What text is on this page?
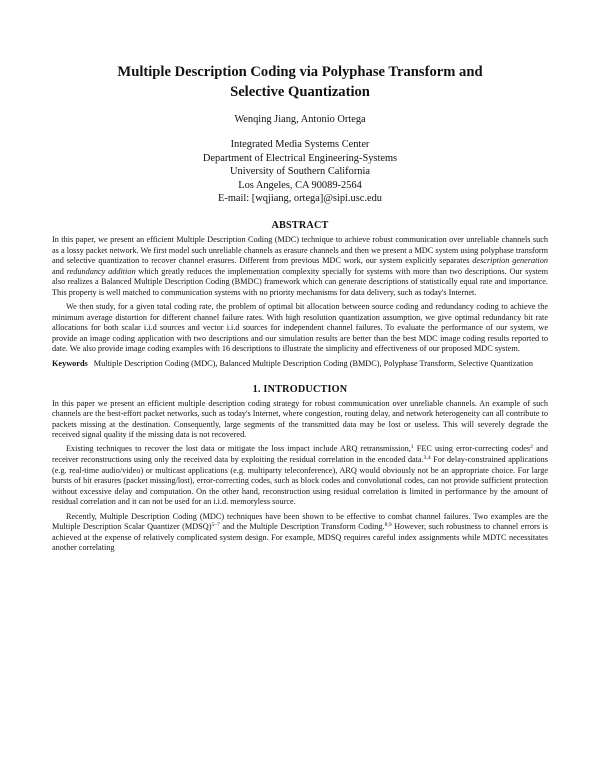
Multiple Description Coding via Polyphase Transform and
Selective Quantization
Wenqing Jiang, Antonio Ortega
Integrated Media Systems Center
Department of Electrical Engineering-Systems
University of Southern California
Los Angeles, CA 90089-2564
E-mail: [wqjiang, ortega]@sipi.usc.edu
ABSTRACT

In this paper, we present an efficient Multiple Description Coding (MDC) technique to achieve robust communication over unreliable channels such as a lossy packet network. We first model such unreliable channels as erasure channels and then we present a MDC system using polyphase transform and selective quantization to recover channel erasures. Different from previous MDC work, our system explicitly separates description generation and redundancy addition which greatly reduces the implementation complexity specially for systems with more than two descriptions. Our system also realizes a Balanced Multiple Description Coding (BMDC) framework which can generate descriptions of statistically equal rate and importance. This property is well matched to communication systems with no priority mechanisms for data delivery, such as today's Internet.

We then study, for a given total coding rate, the problem of optimal bit allocation between source coding and redundancy coding to achieve the minimum average distortion for different channel failure rates. With high resolution quantization assumption, we give optimal redundancy bit rate allocations for both scalar i.i.d sources and vector i.i.d sources for independent channel failures. To evaluate the performance of our system, we provide an image coding application with two descriptions and our simulation results are better than the best MDC image coding results reported to date. We also provide image coding examples with 16 descriptions to illustrate the simplicity and effectiveness of our proposed MDC system.

Keywords Multiple Description Coding (MDC), Balanced Multiple Description Coding (BMDC), Polyphase Transform, Selective Quantization
1. INTRODUCTION

In this paper we present an efficient multiple description coding strategy for robust communication over unreliable channels. An example of such channels are the best-effort packet networks, such as today's Internet, where congestion, routing delay, and network heterogeneity can all contribute to packets missing at the destination. Consequently, large segments of the transmitted data may be lost or useless. This will severely degrade the received signal quality if the missing data is not recovered.

Existing techniques to recover the lost data or mitigate the loss impact include ARQ retransmission,$^1$ FEC using error-correcting codes$^2$ and receiver reconstructions using only the received data by exploiting the residual correlation in the encoded data.$^{3,4}$ For delay-constrained applications (e.g. real-time audio/video) or multicast applications (e.g. multiparty teleconference), ARQ would obviously not be an appropriate choice. For large bursts of bit erasures (packet missing/lost), error-correcting codes, such as block codes and convolutional codes, can not provide sufficient protection without excessive delay and computation. On the other hand, reconstruction using residual correlation is limited in performance by the amount of residual correlation and it can not be used for an i.i.d. memoryless source.

Recently, Multiple Description Coding (MDC) techniques have been shown to be effective to combat channel failures. Two examples are the Multiple Description Scalar Quantizer (MDSQ)$^{5-7}$ and the Multiple Description Transform Coding.$^{8,9}$ However, such robustness to channel errors is achieved at the expense of relatively complicated system design. For example, MDSQ requires careful index assignments while MDTC necessitates another correlating
